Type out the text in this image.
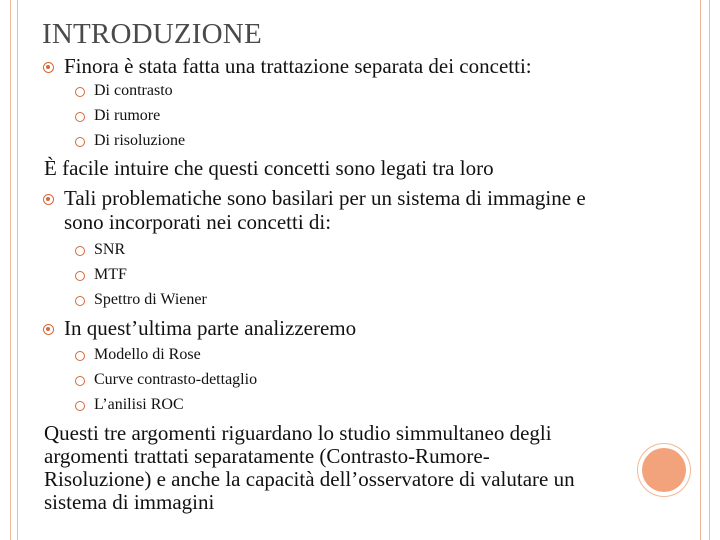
INTRODUZIONE
Finora è stata fatta una trattazione separata dei concetti:
Di contrasto
Di rumore
Di risoluzione
È facile intuire che questi concetti sono legati tra loro
Tali problematiche sono basilari per un sistema di immagine e
sono incorporati nei concetti di:
SNR
MTF
Spettro di Wiener
In quest’ultima parte analizzeremo
Modello di Rose
Curve contrasto-dettaglio
L’anilisi ROC
Questi tre argomenti riguardano lo studio simmultaneo degli
argomenti trattati separatamente (Contrasto-Rumore-
Risoluzione) e anche la capacità dell’osservatore di valutare un
sistema di immagini
